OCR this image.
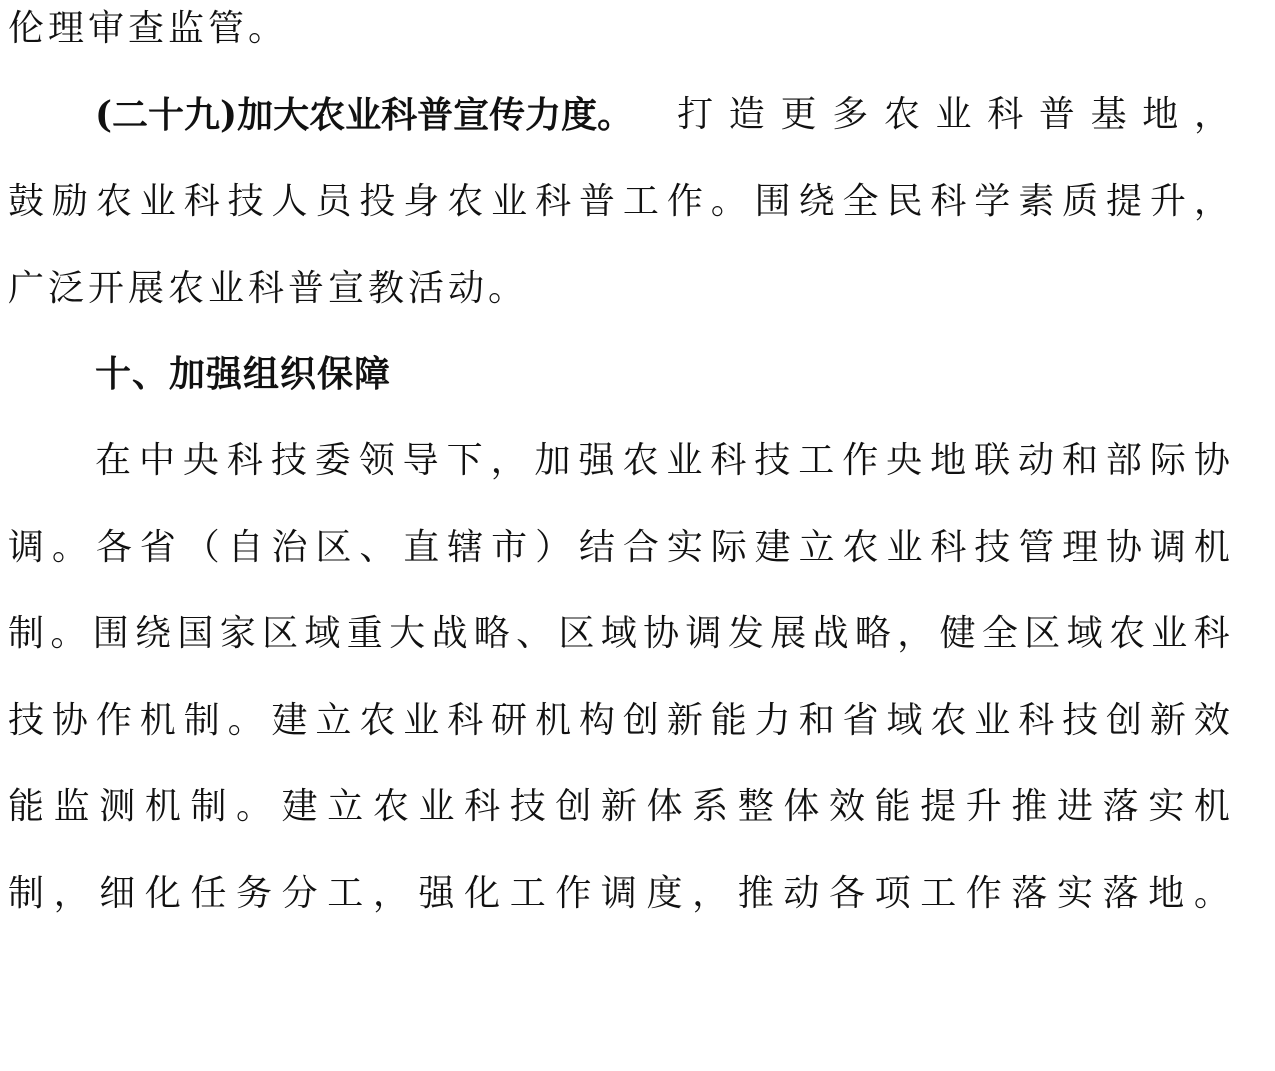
伦理审查监管。
(二十九)加大农业科普宣传力度。 打 造 更 多 农 业 科 普 基 地 ，
鼓 励 农 业 科 技 人 员 投 身 农 业 科 普 工 作 。 围 绕 全 民 科 学 素 质 提 升 ，
广泛开展农业科普宣教活动。
十、加强组织保障
在 中 央 科 技 委 领 导 下 ， 加 强 农 业 科 技 工 作 央 地 联 动 和 部 际 协
调 。 各 省 （ 自 治 区 、 直 辖 市 ） 结 合 实 际 建 立 农 业 科 技 管 理 协 调 机
制 。 围 绕 国 家 区 域 重 大 战 略 、 区 域 协 调 发 展 战 略 ， 健 全 区 域 农 业 科
技 协 作 机 制 。 建 立 农 业 科 研 机 构 创 新 能 力 和 省 域 农 业 科 技 创 新 效
能 监 测 机 制 。 建 立 农 业 科 技 创 新 体 系 整 体 效 能 提 升 推 进 落 实 机
制 ， 细 化 任 务 分 工 ， 强 化 工 作 调 度 ， 推 动 各 项 工 作 落 实 落 地 。
